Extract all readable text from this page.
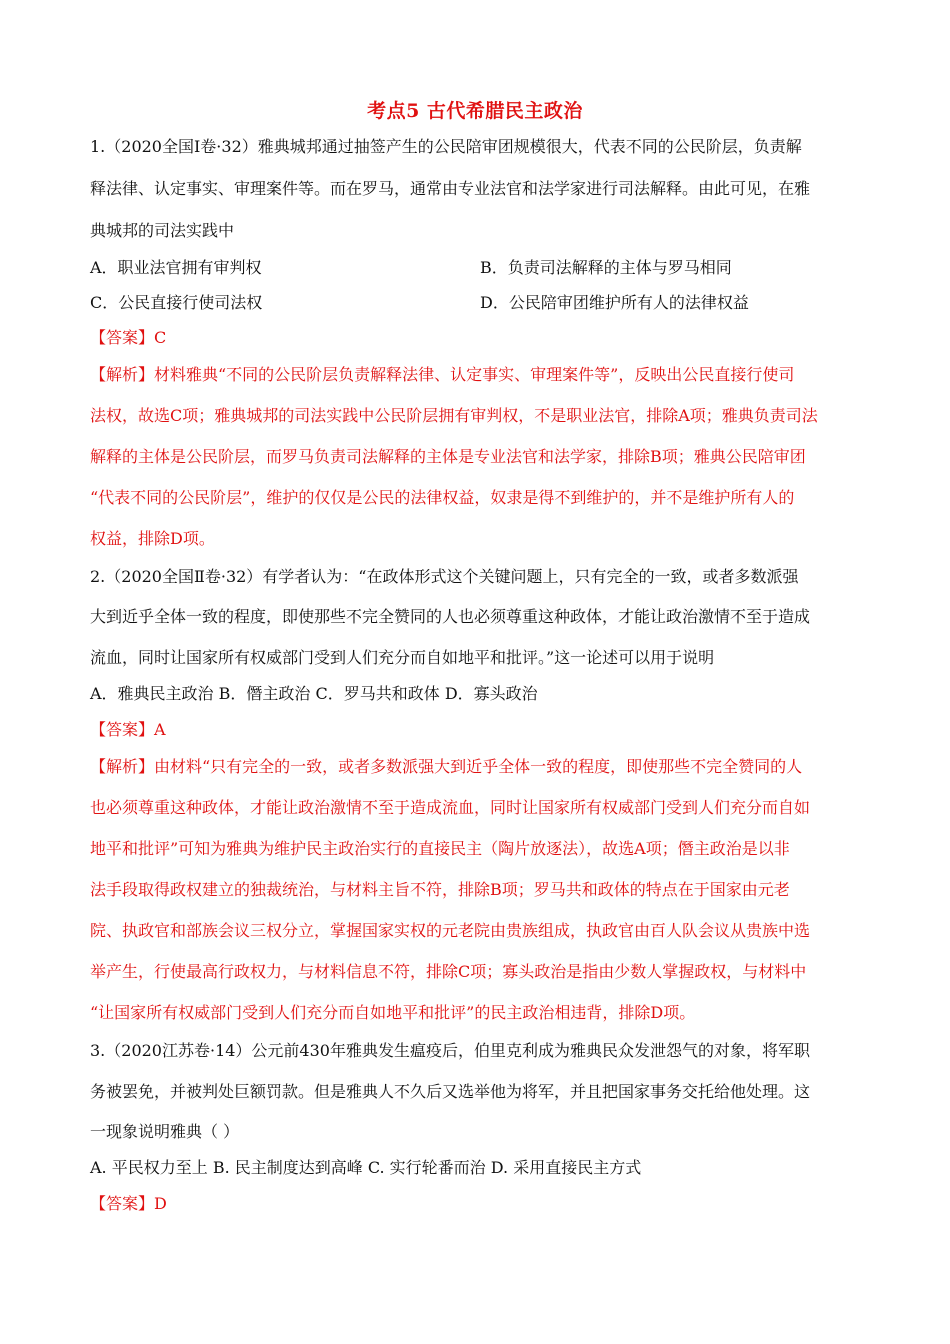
考点5 古代希腊民主政治
1.（2020全国Ⅰ卷·32）雅典城邦通过抽签产生的公民陪审团规模很大，代表不同的公民阶层，负责解
释法律、认定事实、审理案件等。而在罗马，通常由专业法官和法学家进行司法解释。由此可见，在雅
典城邦的司法实践中
A．职业法官拥有审判权	B．负责司法解释的主体与罗马相同
C．公民直接行使司法权	D．公民陪审团维护所有人的法律权益
【答案】C
【解析】材料雅典“不同的公民阶层负责解释法律、认定事实、审理案件等”，反映出公民直接行使司
法权，故选C项；雅典城邦的司法实践中公民阶层拥有审判权，不是职业法官，排除A项；雅典负责司法
解释的主体是公民阶层，而罗马负责司法解释的主体是专业法官和法学家，排除B项；雅典公民陪审团
“代表不同的公民阶层”，维护的仅仅是公民的法律权益，奴隶是得不到维护的，并不是维护所有人的
权益，排除D项。
2.（2020全国Ⅱ卷·32）有学者认为：“在政体形式这个关键问题上，只有完全的一致，或者多数派强
大到近乎全体一致的程度，即使那些不完全赞同的人也必须尊重这种政体，才能让政治激情不至于造成
流血，同时让国家所有权威部门受到人们充分而自如地平和批评。”这一论述可以用于说明
A．雅典民主政治 B．僭主政治 C．罗马共和政体 D．寡头政治
【答案】A
【解析】由材料“只有完全的一致，或者多数派强大到近乎全体一致的程度，即使那些不完全赞同的人
也必须尊重这种政体，才能让政治激情不至于造成流血，同时让国家所有权威部门受到人们充分而自如
地平和批评”可知为雅典为维护民主政治实行的直接民主（陶片放逐法），故选A项；僭主政治是以非
法手段取得政权建立的独裁统治，与材料主旨不符，排除B项；罗马共和政体的特点在于国家由元老
院、执政官和部族会议三权分立，掌握国家实权的元老院由贵族组成，执政官由百人队会议从贵族中选
举产生，行使最高行政权力，与材料信息不符，排除C项；寡头政治是指由少数人掌握政权，与材料中
“让国家所有权威部门受到人们充分而自如地平和批评”的民主政治相违背，排除D项。
3.（2020江苏卷·14）公元前430年雅典发生瘟疫后，伯里克利成为雅典民众发泄怨气的对象，将军职
务被罢免，并被判处巨额罚款。但是雅典人不久后又选举他为将军，并且把国家事务交托给他处理。这
一现象说明雅典（ ）
A. 平民权力至上 B. 民主制度达到高峰 C. 实行轮番而治 D. 采用直接民主方式
【答案】D
